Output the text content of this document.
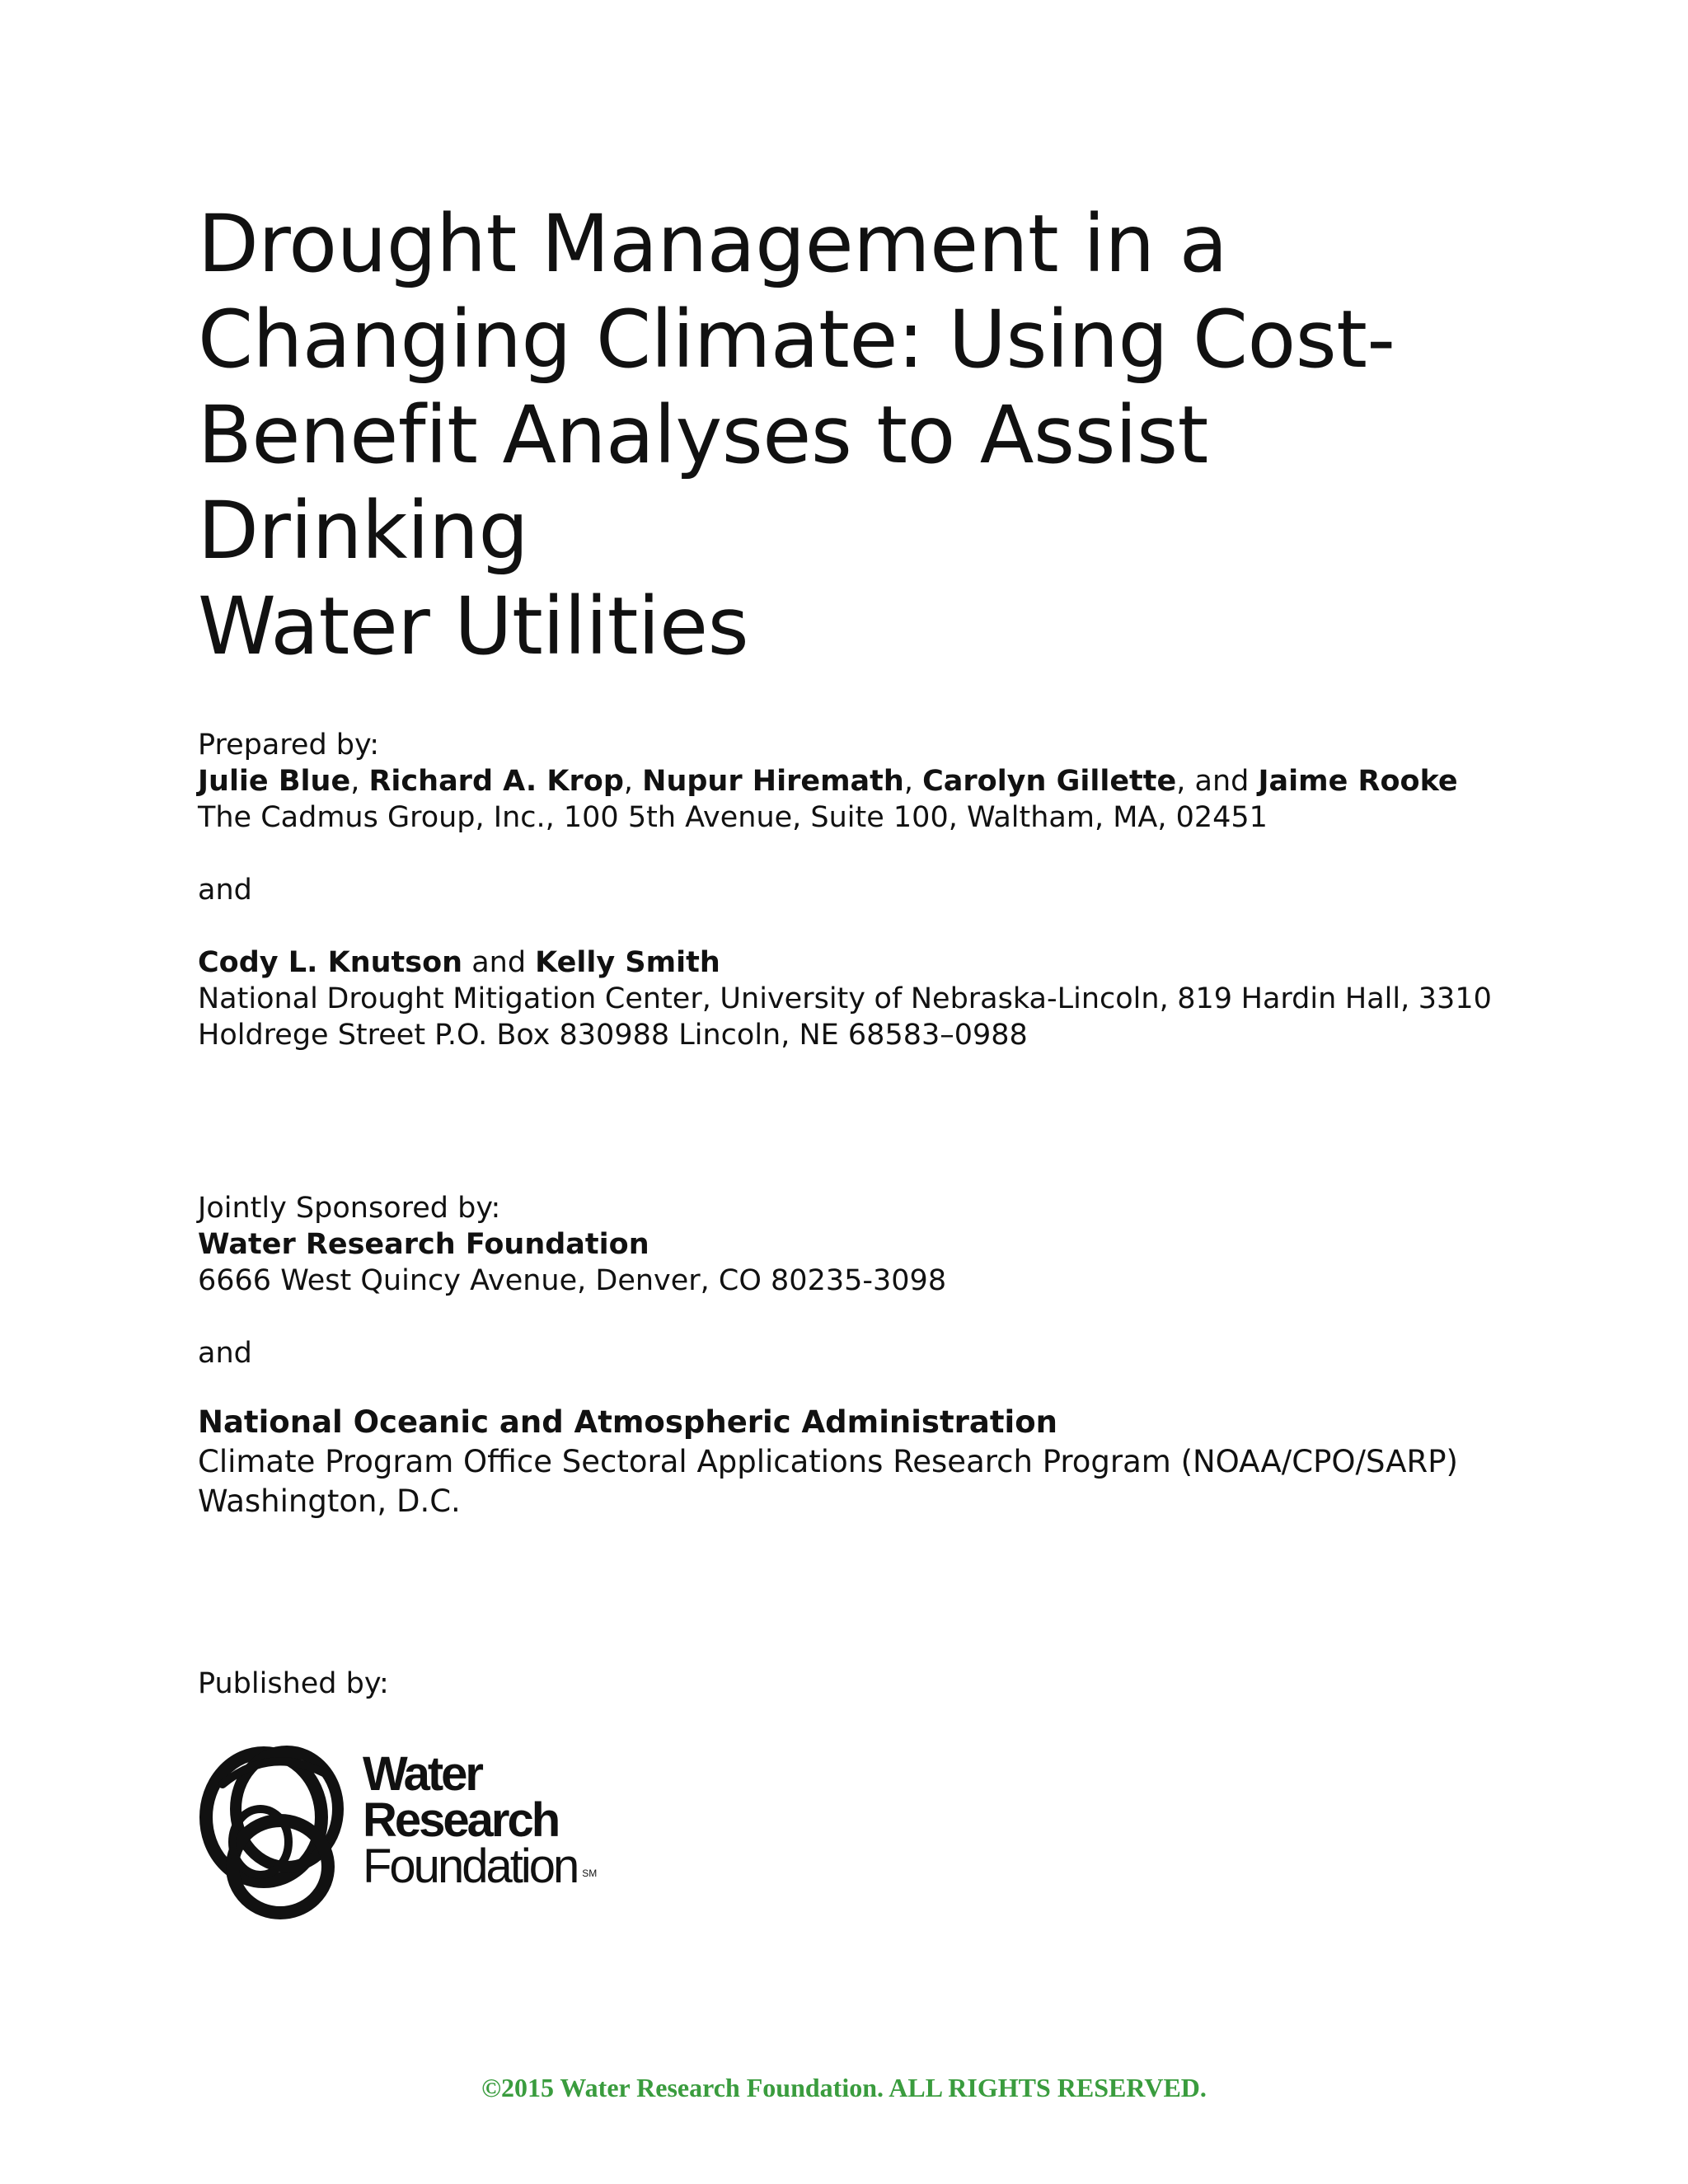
Drought Management in a
Changing Climate: Using Cost-
Benefit Analyses to Assist Drinking
Water Utilities
Prepared by:
Julie Blue, Richard A. Krop, Nupur Hiremath, Carolyn Gillette, and Jaime Rooke
The Cadmus Group, Inc., 100 5th Avenue, Suite 100, Waltham, MA, 02451

and

Cody L. Knutson and Kelly Smith
National Drought Mitigation Center, University of Nebraska-Lincoln, 819 Hardin Hall, 3310
Holdrege Street P.O. Box 830988 Lincoln, NE 68583–0988
Jointly Sponsored by:
Water Research Foundation
6666 West Quincy Avenue, Denver, CO 80235-3098

and
National Oceanic and Atmospheric Administration
Climate Program Office Sectoral Applications Research Program (NOAA/CPO/SARP)
Washington, D.C.
Published by:
Water
Research
Foundation ℠
©2015 Water Research Foundation. ALL RIGHTS RESERVED.
